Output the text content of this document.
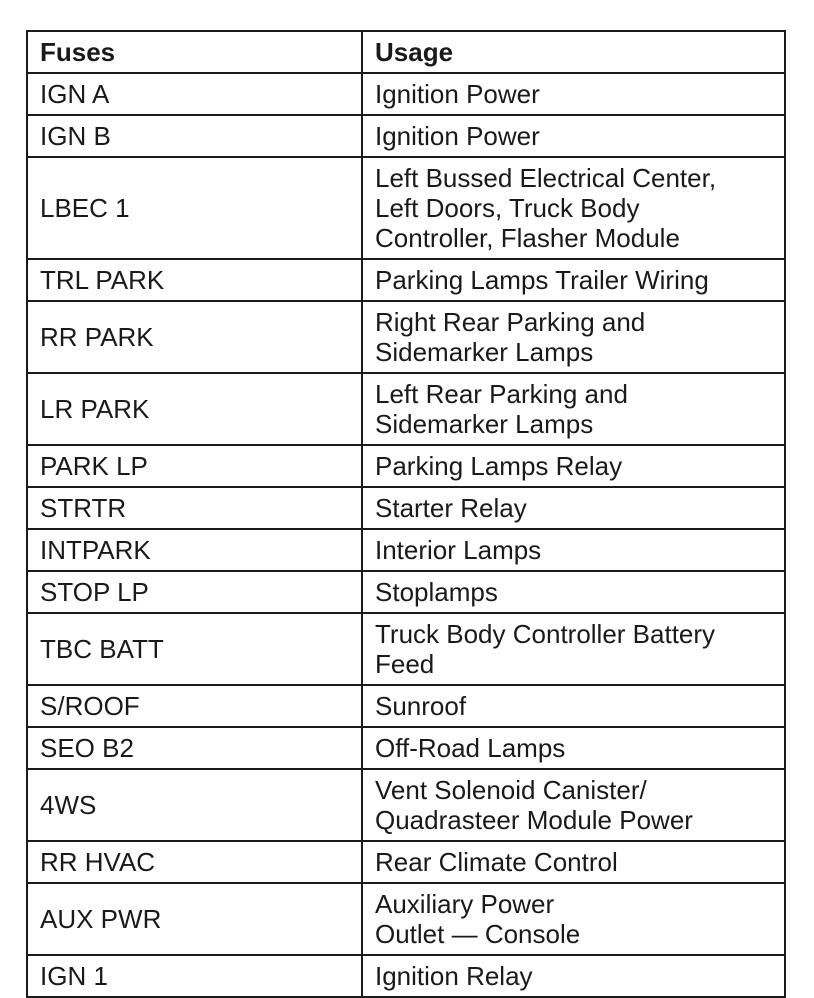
Fuses	Usage
IGN A	Ignition Power
IGN B	Ignition Power
LBEC 1	Left Bussed Electrical Center,
Left Doors, Truck Body
Controller, Flasher Module
TRL PARK	Parking Lamps Trailer Wiring
RR PARK	Right Rear Parking and
Sidemarker Lamps
LR PARK	Left Rear Parking and
Sidemarker Lamps
PARK LP	Parking Lamps Relay
STRTR	Starter Relay
INTPARK	Interior Lamps
STOP LP	Stoplamps
TBC BATT	Truck Body Controller Battery
Feed
S/ROOF	Sunroof
SEO B2	Off-Road Lamps
4WS	Vent Solenoid Canister/
Quadrasteer Module Power
RR HVAC	Rear Climate Control
AUX PWR	Auxiliary Power
Outlet — Console
IGN 1	Ignition Relay
